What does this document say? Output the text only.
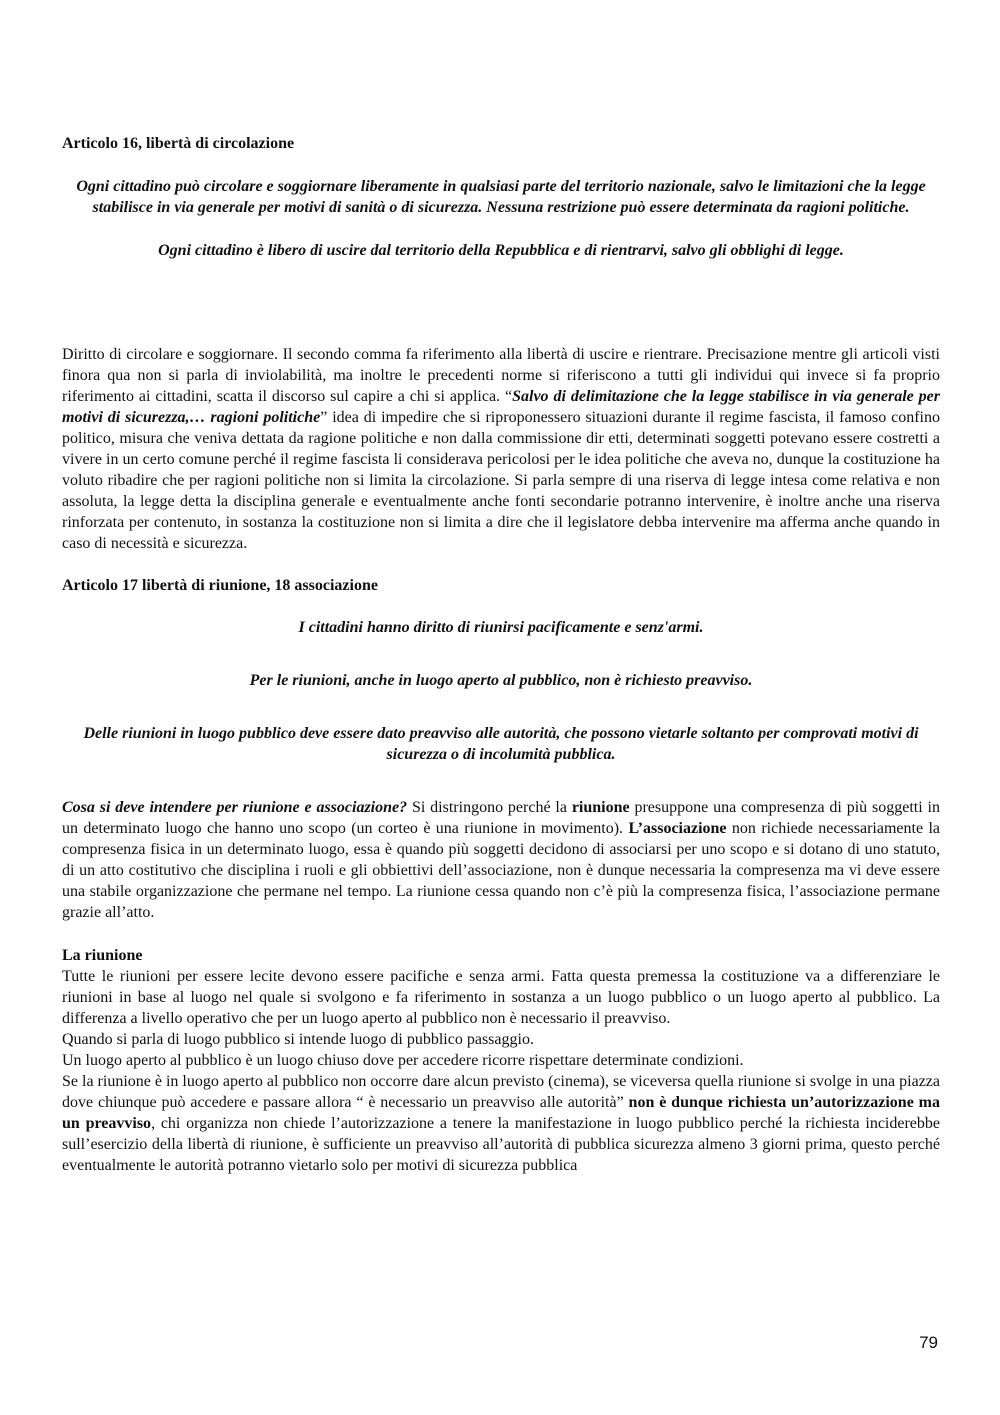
Articolo 16, libertà di circolazione

Ogni cittadino può circolare e soggiornare liberamente in qualsiasi parte del territorio nazionale, salvo le limitazioni che la legge stabilisce in via generale per motivi di sanità o di sicurezza. Nessuna restrizione può essere determinata da ragioni politiche.

Ogni cittadino è libero di uscire dal territorio della Repubblica e di rientrarvi, salvo gli obblighi di legge.

Diritto di circolare e soggiornare. Il secondo comma fa riferimento alla libertà di uscire e rientrare. Precisazione mentre gli articoli visti finora qua non si parla di inviolabilità, ma inoltre le precedenti norme si riferiscono a tutti gli individui qui invece si fa proprio riferimento ai cittadini, scatta il discorso sul capire a chi si applica. “Salvo di delimitazione che la legge stabilisce in via generale per motivi di sicurezza,… ragioni politiche” idea di impedire che si riproponessero situazioni durante il regime fascista, il famoso confino politico, misura che veniva dettata da ragione politiche e non dalla commissione dir etti, determinati soggetti potevano essere costretti a vivere in un certo comune perché il regime fascista li considerava pericolosi per le idea politiche che aveva no, dunque la costituzione ha voluto ribadire che per ragioni politiche non si limita la circolazione. Si parla sempre di una riserva di legge intesa come relativa e non assoluta, la legge detta la disciplina generale e eventualmente anche fonti secondarie potranno intervenire, è inoltre anche una riserva rinforzata per contenuto, in sostanza la costituzione non si limita a dire che il legislatore debba intervenire ma afferma anche quando in caso di necessità e sicurezza.

Articolo 17 libertà di riunione, 18 associazione

I cittadini hanno diritto di riunirsi pacificamente e senz'armi.

Per le riunioni, anche in luogo aperto al pubblico, non è richiesto preavviso.

Delle riunioni in luogo pubblico deve essere dato preavviso alle autorità, che possono vietarle soltanto per comprovati motivi di sicurezza o di incolumità pubblica.

Cosa si deve intendere per riunione e associazione? Si distringono perché la riunione presuppone una compresenza di più soggetti in un determinato luogo che hanno uno scopo (un corteo è una riunione in movimento). L’associazione non richiede necessariamente la compresenza fisica in un determinato luogo, essa è quando più soggetti decidono di associarsi per uno scopo e si dotano di uno statuto, di un atto costitutivo che disciplina i ruoli e gli obbiettivi dell’associazione, non è dunque necessaria la compresenza ma vi deve essere una stabile organizzazione che permane nel tempo. La riunione cessa quando non c’è più la compresenza fisica, l’associazione permane grazie all’atto.

La riunione

Tutte le riunioni per essere lecite devono essere pacifiche e senza armi. Fatta questa premessa la costituzione va a differenziare le riunioni in base al luogo nel quale si svolgono e fa riferimento in sostanza a un luogo pubblico o un luogo aperto al pubblico. La differenza a livello operativo che per un luogo aperto al pubblico non è necessario il preavviso.

Quando si parla di luogo pubblico si intende luogo di pubblico passaggio.

Un luogo aperto al pubblico è un luogo chiuso dove per accedere ricorre rispettare determinate condizioni.

Se la riunione è in luogo aperto al pubblico non occorre dare alcun previsto (cinema), se viceversa quella riunione si svolge in una piazza dove chiunque può accedere e passare allora “ è necessario un preavviso alle autorità” non è dunque richiesta un’autorizzazione ma un preavviso, chi organizza non chiede l’autorizzazione a tenere la manifestazione in luogo pubblico perché la richiesta inciderebbe sull’esercizio della libertà di riunione, è sufficiente un preavviso all’autorità di pubblica sicurezza almeno 3 giorni prima, questo perché eventualmente le autorità potranno vietarlo solo per motivi di sicurezza pubblica

79
